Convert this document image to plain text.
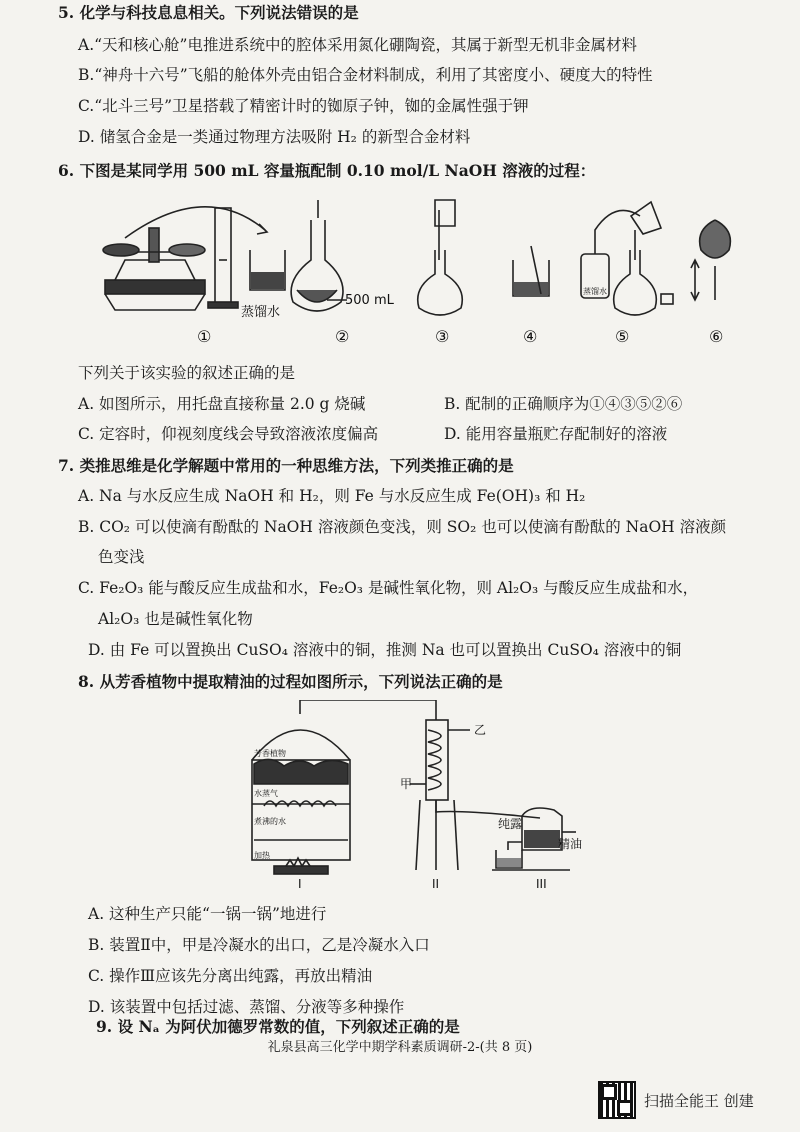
5. 化学与科技息息相关。下列说法错误的是
A.“天和核心舱”电推进系统中的腔体采用氮化硼陶瓷，其属于新型无机非金属材料
B.“神舟十六号”飞船的舱体外壳由铝合金材料制成，利用了其密度小、硬度大的特性
C.“北斗三号”卫星搭载了精密计时的铷原子钟，铷的金属性强于钾
D. 储氢合金是一类通过物理方法吸附 H₂ 的新型合金材料
6. 下图是某同学用 500 mL 容量瓶配制 0.10 mol/L NaOH 溶液的过程：
蒸馏水
500 mL
蒸馏水
①	②	③	④	⑤	⑥
下列关于该实验的叙述正确的是
A. 如图所示，用托盘直接称量 2.0 g 烧碱	B. 配制的正确顺序为①④③⑤②⑥
C. 定容时，仰视刻度线会导致溶液浓度偏高	D. 能用容量瓶贮存配制好的溶液
7. 类推思维是化学解题中常用的一种思维方法，下列类推正确的是
A. Na 与水反应生成 NaOH 和 H₂，则 Fe 与水反应生成 Fe(OH)₃ 和 H₂
B. CO₂ 可以使滴有酚酞的 NaOH 溶液颜色变浅，则 SO₂ 也可以使滴有酚酞的 NaOH 溶液颜
色变浅
C. Fe₂O₃ 能与酸反应生成盐和水，Fe₂O₃ 是碱性氧化物，则 Al₂O₃ 与酸反应生成盐和水，
Al₂O₃ 也是碱性氧化物
D. 由 Fe 可以置换出 CuSO₄ 溶液中的铜，推测 Na 也可以置换出 CuSO₄ 溶液中的铜
8. 从芳香植物中提取精油的过程如图所示，下列说法正确的是
芳香植物
水蒸气
煮沸的水
加热
甲
乙
纯露
精油
I	II	III
A. 这种生产只能“一锅一锅”地进行
B. 装置Ⅱ中，甲是冷凝水的出口，乙是冷凝水入口
C. 操作Ⅲ应该先分离出纯露，再放出精油
D. 该装置中包括过滤、蒸馏、分液等多种操作
9. 设 Nₐ 为阿伏加德罗常数的值，下列叙述正确的是
礼泉县高三化学中期学科素质调研-2-(共 8 页)
扫描全能王 创建
